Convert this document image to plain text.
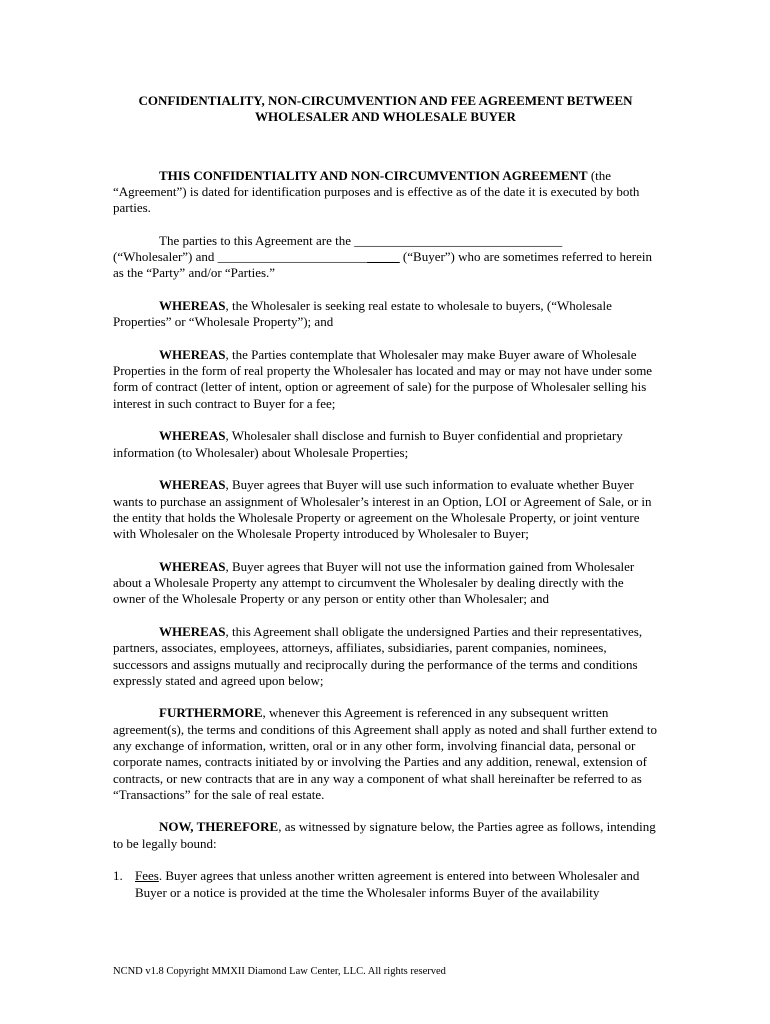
CONFIDENTIALITY, NON-CIRCUMVENTION AND FEE AGREEMENT BETWEEN

WHOLESALER AND WHOLESALE BUYER

THIS CONFIDENTIALITY AND NON-CIRCUMVENTION AGREEMENT (the “Agreement”) is dated for identification purposes and is effective as of the date it is executed by both parties.

The parties to this Agreement are the ________________________________
(“Wholesaler”) and ____________________________ (“Buyer”) who are sometimes referred to herein as the “Party” and/or “Parties.”

WHEREAS, the Wholesaler is seeking real estate to wholesale to buyers, (“Wholesale Properties” or “Wholesale Property”); and

WHEREAS, the Parties contemplate that Wholesaler may make Buyer aware of Wholesale Properties in the form of real property the Wholesaler has located and may or may not have under some form of contract (letter of intent, option or agreement of sale) for the purpose of Wholesaler selling his interest in such contract to Buyer for a fee;

WHEREAS, Wholesaler shall disclose and furnish to Buyer confidential and proprietary information (to Wholesaler) about Wholesale Properties;

WHEREAS, Buyer agrees that Buyer will use such information to evaluate whether Buyer wants to purchase an assignment of Wholesaler’s interest in an Option, LOI or Agreement of Sale, or in the entity that holds the Wholesale Property or agreement on the Wholesale Property, or joint venture with Wholesaler on the Wholesale Property introduced by Wholesaler to Buyer;

WHEREAS, Buyer agrees that Buyer will not use the information gained from Wholesaler about a Wholesale Property any attempt to circumvent the Wholesaler by dealing directly with the owner of the Wholesale Property or any person or entity other than Wholesaler; and

WHEREAS, this Agreement shall obligate the undersigned Parties and their representatives, partners, associates, employees, attorneys, affiliates, subsidiaries, parent companies, nominees, successors and assigns mutually and reciprocally during the performance of the terms and conditions expressly stated and agreed upon below;

FURTHERMORE, whenever this Agreement is referenced in any subsequent written agreement(s), the terms and conditions of this Agreement shall apply as noted and shall further extend to any exchange of information, written, oral or in any other form, involving financial data, personal or corporate names, contracts initiated by or involving the Parties and any addition, renewal, extension of contracts, or new contracts that are in any way a component of what shall hereinafter be referred to as “Transactions” for the sale of real estate.

NOW, THEREFORE, as witnessed by signature below, the Parties agree as follows, intending to be legally bound:

1. Fees. Buyer agrees that unless another written agreement is entered into between Wholesaler and Buyer or a notice is provided at the time the Wholesaler informs Buyer of the availability
NCND v1.8 Copyright MMXII Diamond Law Center, LLC. All rights reserved
